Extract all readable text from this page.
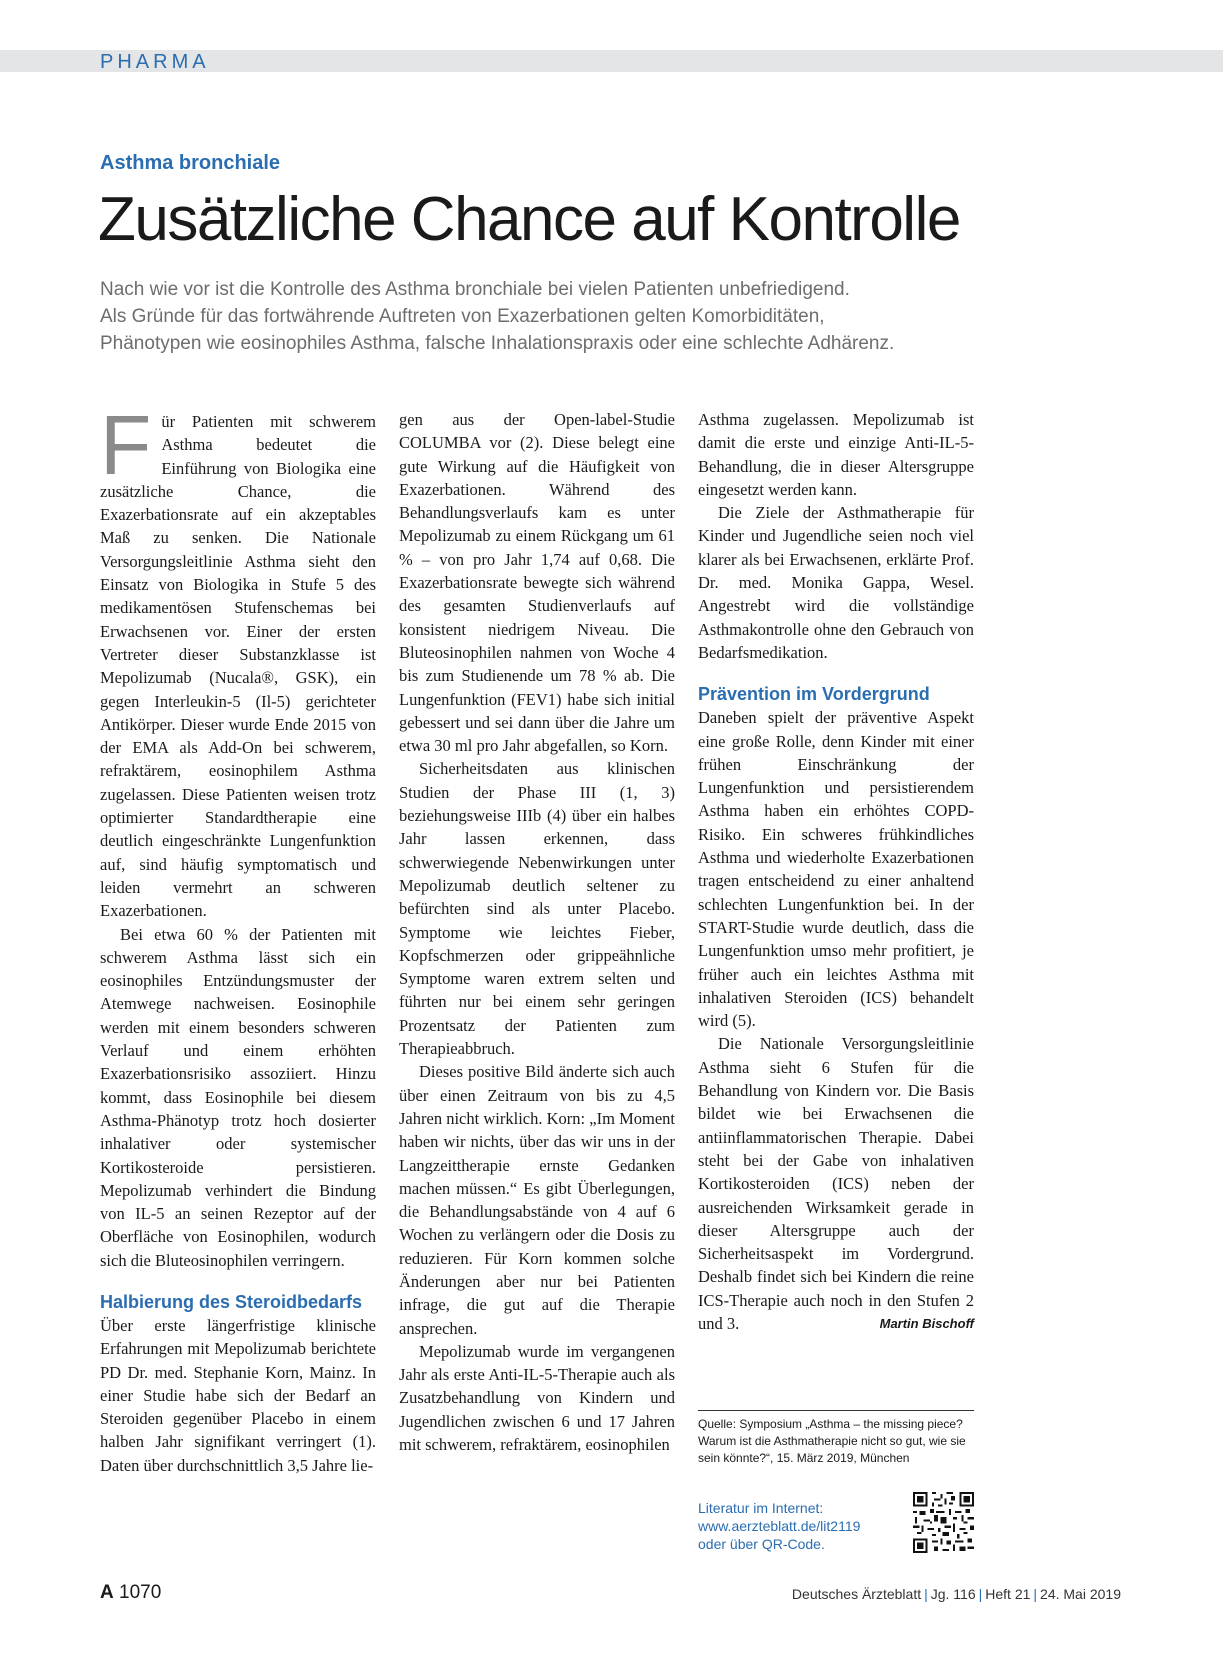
PHARMA
Asthma bronchiale
Zusätzliche Chance auf Kontrolle
Nach wie vor ist die Kontrolle des Asthma bronchiale bei vielen Patienten unbefriedigend.
Als Gründe für das fortwährende Auftreten von Exazerbationen gelten Komorbiditäten,
Phänotypen wie eosinophiles Asthma, falsche Inhalationspraxis oder eine schlechte Adhärenz.
F ür Patienten mit schwerem Asthma bedeutet die Einführung von Biologika eine zusätzliche Chance, die Exazerbationsrate auf ein akzeptables Maß zu senken. Die Nationale Versorgungsleitlinie Asthma sieht den Einsatz von Biologika in Stufe 5 des medikamentösen Stufenschemas bei Erwachsenen vor. Einer der ersten Vertreter dieser Substanzklasse ist Mepolizumab (Nucala®, GSK), ein gegen Interleukin-5 (Il-5) gerichteter Antikörper. Dieser wurde Ende 2015 von der EMA als Add-On bei schwerem, refraktärem, eosinophilem Asthma zugelassen. Diese Patienten weisen trotz optimierter Standardtherapie eine deutlich eingeschränkte Lungenfunktion auf, sind häufig symptomatisch und leiden vermehrt an schweren Exazerbationen.

Bei etwa 60 % der Patienten mit schwerem Asthma lässt sich ein eosinophiles Entzündungsmuster der Atemwege nachweisen. Eosinophile werden mit einem besonders schweren Verlauf und einem erhöhten Exazerbationsrisiko assoziiert. Hinzu kommt, dass Eosinophile bei diesem Asthma-Phänotyp trotz hoch dosierter inhalativer oder systemischer Kortikosteroide persistieren. Mepolizumab verhindert die Bindung von IL-5 an seinen Rezeptor auf der Oberfläche von Eosinophilen, wodurch sich die Bluteosinophilen verringern.

Halbierung des Steroidbedarfs

Über erste längerfristige klinische Erfahrungen mit Mepolizumab berichtete PD Dr. med. Stephanie Korn, Mainz. In einer Studie habe sich der Bedarf an Steroiden gegenüber Placebo in einem halben Jahr signifikant verringert (1). Daten über durchschnittlich 3,5 Jahre lie-

gen aus der Open-label-Studie COLUMBA vor (2). Diese belegt eine gute Wirkung auf die Häufigkeit von Exazerbationen. Während des Behandlungsverlaufs kam es unter Mepolizumab zu einem Rückgang um 61 % – von pro Jahr 1,74 auf 0,68. Die Exazerbationsrate bewegte sich während des gesamten Studienverlaufs auf konsistent niedrigem Niveau. Die Bluteosinophilen nahmen von Woche 4 bis zum Studienende um 78 % ab. Die Lungenfunktion (FEV1) habe sich initial gebessert und sei dann über die Jahre um etwa 30 ml pro Jahr abgefallen, so Korn.

Sicherheitsdaten aus klinischen Studien der Phase III (1, 3) beziehungsweise IIIb (4) über ein halbes Jahr lassen erkennen, dass schwerwiegende Nebenwirkungen unter Mepolizumab deutlich seltener zu befürchten sind als unter Placebo. Symptome wie leichtes Fieber, Kopfschmerzen oder grippeähnliche Symptome waren extrem selten und führten nur bei einem sehr geringen Prozentsatz der Patienten zum Therapieabbruch.

Dieses positive Bild änderte sich auch über einen Zeitraum von bis zu 4,5 Jahren nicht wirklich. Korn: „Im Moment haben wir nichts, über das wir uns in der Langzeittherapie ernste Gedanken machen müssen.“ Es gibt Überlegungen, die Behandlungsabstände von 4 auf 6 Wochen zu verlängern oder die Dosis zu reduzieren. Für Korn kommen solche Änderungen aber nur bei Patienten infrage, die gut auf die Therapie ansprechen.

Mepolizumab wurde im vergangenen Jahr als erste Anti-IL-5-Therapie auch als Zusatzbehandlung von Kindern und Jugendlichen zwischen 6 und 17 Jahren mit schwerem, refraktärem, eosinophilen

Asthma zugelassen. Mepolizumab ist damit die erste und einzige Anti-IL-5-Behandlung, die in dieser Altersgruppe eingesetzt werden kann.

Die Ziele der Asthmatherapie für Kinder und Jugendliche seien noch viel klarer als bei Erwachsenen, erklärte Prof. Dr. med. Monika Gappa, Wesel. Angestrebt wird die vollständige Asthmakontrolle ohne den Gebrauch von Bedarfsmedikation.

Prävention im Vordergrund

Daneben spielt der präventive Aspekt eine große Rolle, denn Kinder mit einer frühen Einschränkung der Lungenfunktion und persistierendem Asthma haben ein erhöhtes COPD-Risiko. Ein schweres frühkindliches Asthma und wiederholte Exazerbationen tragen entscheidend zu einer anhaltend schlechten Lungenfunktion bei. In der START-Studie wurde deutlich, dass die Lungenfunktion umso mehr profitiert, je früher auch ein leichtes Asthma mit inhalativen Steroiden (ICS) behandelt wird (5).

Die Nationale Versorgungsleitlinie Asthma sieht 6 Stufen für die Behandlung von Kindern vor. Die Basis bildet wie bei Erwachsenen die antiinflammatorischen Therapie. Dabei steht bei der Gabe von inhalativen Kortikosteroiden (ICS) neben der ausreichenden Wirksamkeit gerade in dieser Altersgruppe auch der Sicherheitsaspekt im Vordergrund. Deshalb findet sich bei Kindern die reine ICS-Therapie auch noch in den Stufen 2 und 3.	Martin Bischoff

Quelle: Symposium „Asthma – the missing piece? Warum ist die Asthmatherapie nicht so gut, wie sie sein könnte?“, 15. März 2019, München
Literatur im Internet:
www.aerzteblatt.de/lit2119
oder über QR-Code.
A 1070	Deutsches Ärzteblatt | Jg. 116 | Heft 21 | 24. Mai 2019
